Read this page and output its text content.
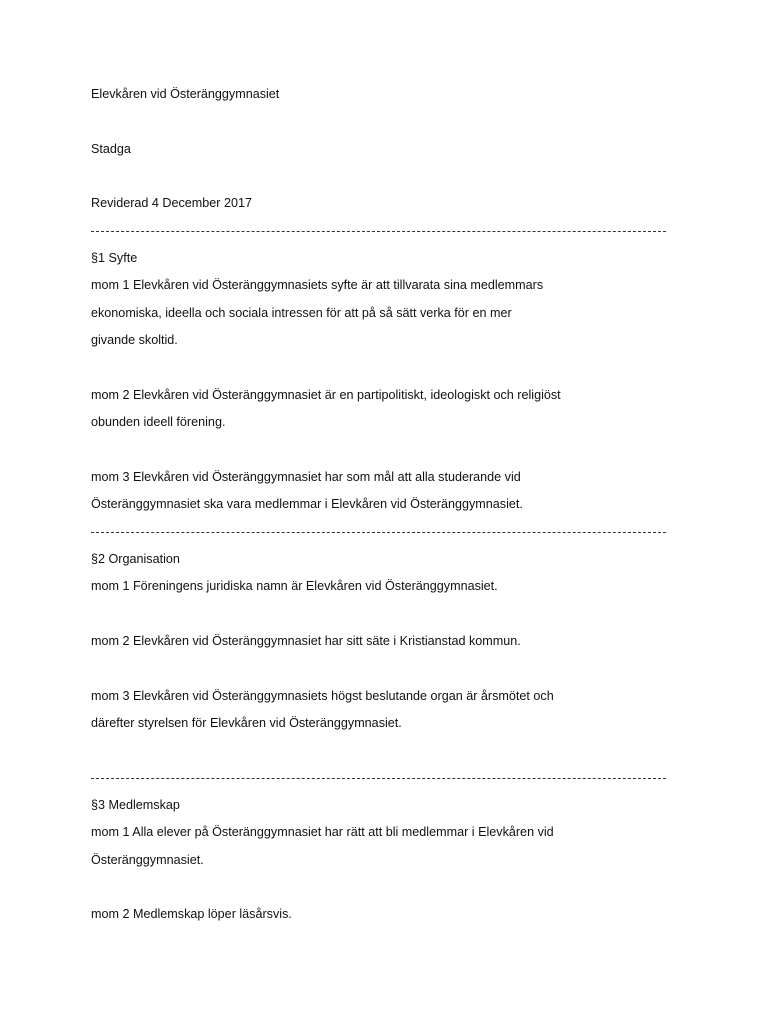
Elevkåren vid Österänggymnasiet

Stadga

Reviderad 4 December 2017

§1 Syfte

mom 1 Elevkåren vid Österänggymnasiets syfte är att tillvarata sina medlemmars

ekonomiska, ideella och sociala intressen för att på så sätt verka för en mer

givande skoltid.

mom 2 Elevkåren vid Österänggymnasiet är en partipolitiskt, ideologiskt och religiöst

obunden ideell förening.

mom 3 Elevkåren vid Österänggymnasiet har som mål att alla studerande vid

Österänggymnasiet ska vara medlemmar i Elevkåren vid Österänggymnasiet.

§2 Organisation

mom 1 Föreningens juridiska namn är Elevkåren vid Österänggymnasiet.

mom 2 Elevkåren vid Österänggymnasiet har sitt säte i Kristianstad kommun.

mom 3 Elevkåren vid Österänggymnasiets högst beslutande organ är årsmötet och

därefter styrelsen för Elevkåren vid Österänggymnasiet.

§3 Medlemskap

mom 1 Alla elever på Österänggymnasiet har rätt att bli medlemmar i Elevkåren vid

Österänggymnasiet.

mom 2 Medlemskap löper läsårsvis.
